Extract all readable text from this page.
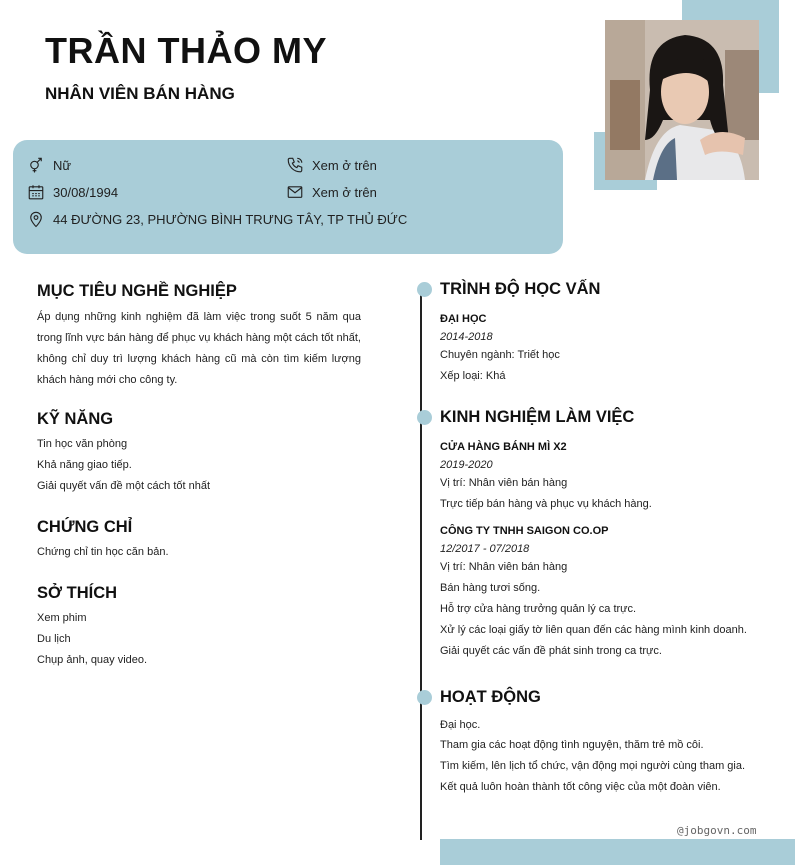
TRẦN THẢO MY
NHÂN VIÊN BÁN HÀNG
Nữ
30/08/1994
44 ĐƯỜNG 23, PHƯỜNG BÌNH TRƯNG TÂY, TP THỦ ĐỨC
Xem ở trên
Xem ở trên
MỤC TIÊU NGHỀ NGHIỆP
Áp dụng những kinh nghiệm đã làm việc trong suốt 5 năm qua trong lĩnh vực bán hàng để phục vụ khách hàng một cách tốt nhất, không chỉ duy trì lượng khách hàng cũ mà còn tìm kiếm lượng khách hàng mới cho công ty.
KỸ NĂNG
Tin học văn phòng
Khả năng giao tiếp.
Giải quyết vấn đề một cách tốt nhất
CHỨNG CHỈ
Chứng chỉ tin học căn bản.
SỞ THÍCH
Xem phim
Du lịch
Chụp ảnh, quay video.
TRÌNH ĐỘ HỌC VẤN
ĐẠI HỌC
2014-2018
Chuyên ngành: Triết học
Xếp loại: Khá
KINH NGHIỆM LÀM VIỆC
CỬA HÀNG BÁNH MÌ X2
2019-2020
Vị trí: Nhân viên bán hàng
Trực tiếp bán hàng và phục vụ khách hàng.
CÔNG TY TNHH SAIGON CO.OP
12/2017 - 07/2018
Vị trí: Nhân viên bán hàng
Bán hàng tươi sống.
Hỗ trợ cửa hàng trưởng quản lý ca trực.
Xử lý các loại giấy tờ liên quan đến các hàng mình kinh doanh.
Giải quyết các vấn đề phát sinh trong ca trực.
HOẠT ĐỘNG
Đại học.
Tham gia các hoạt động tình nguyện, thăm trẻ mồ côi.
Tìm kiếm, lên lịch tổ chức, vận động mọi người cùng tham gia.
Kết quả luôn hoàn thành tốt công việc của một đoàn viên.
@jobgovn.com
